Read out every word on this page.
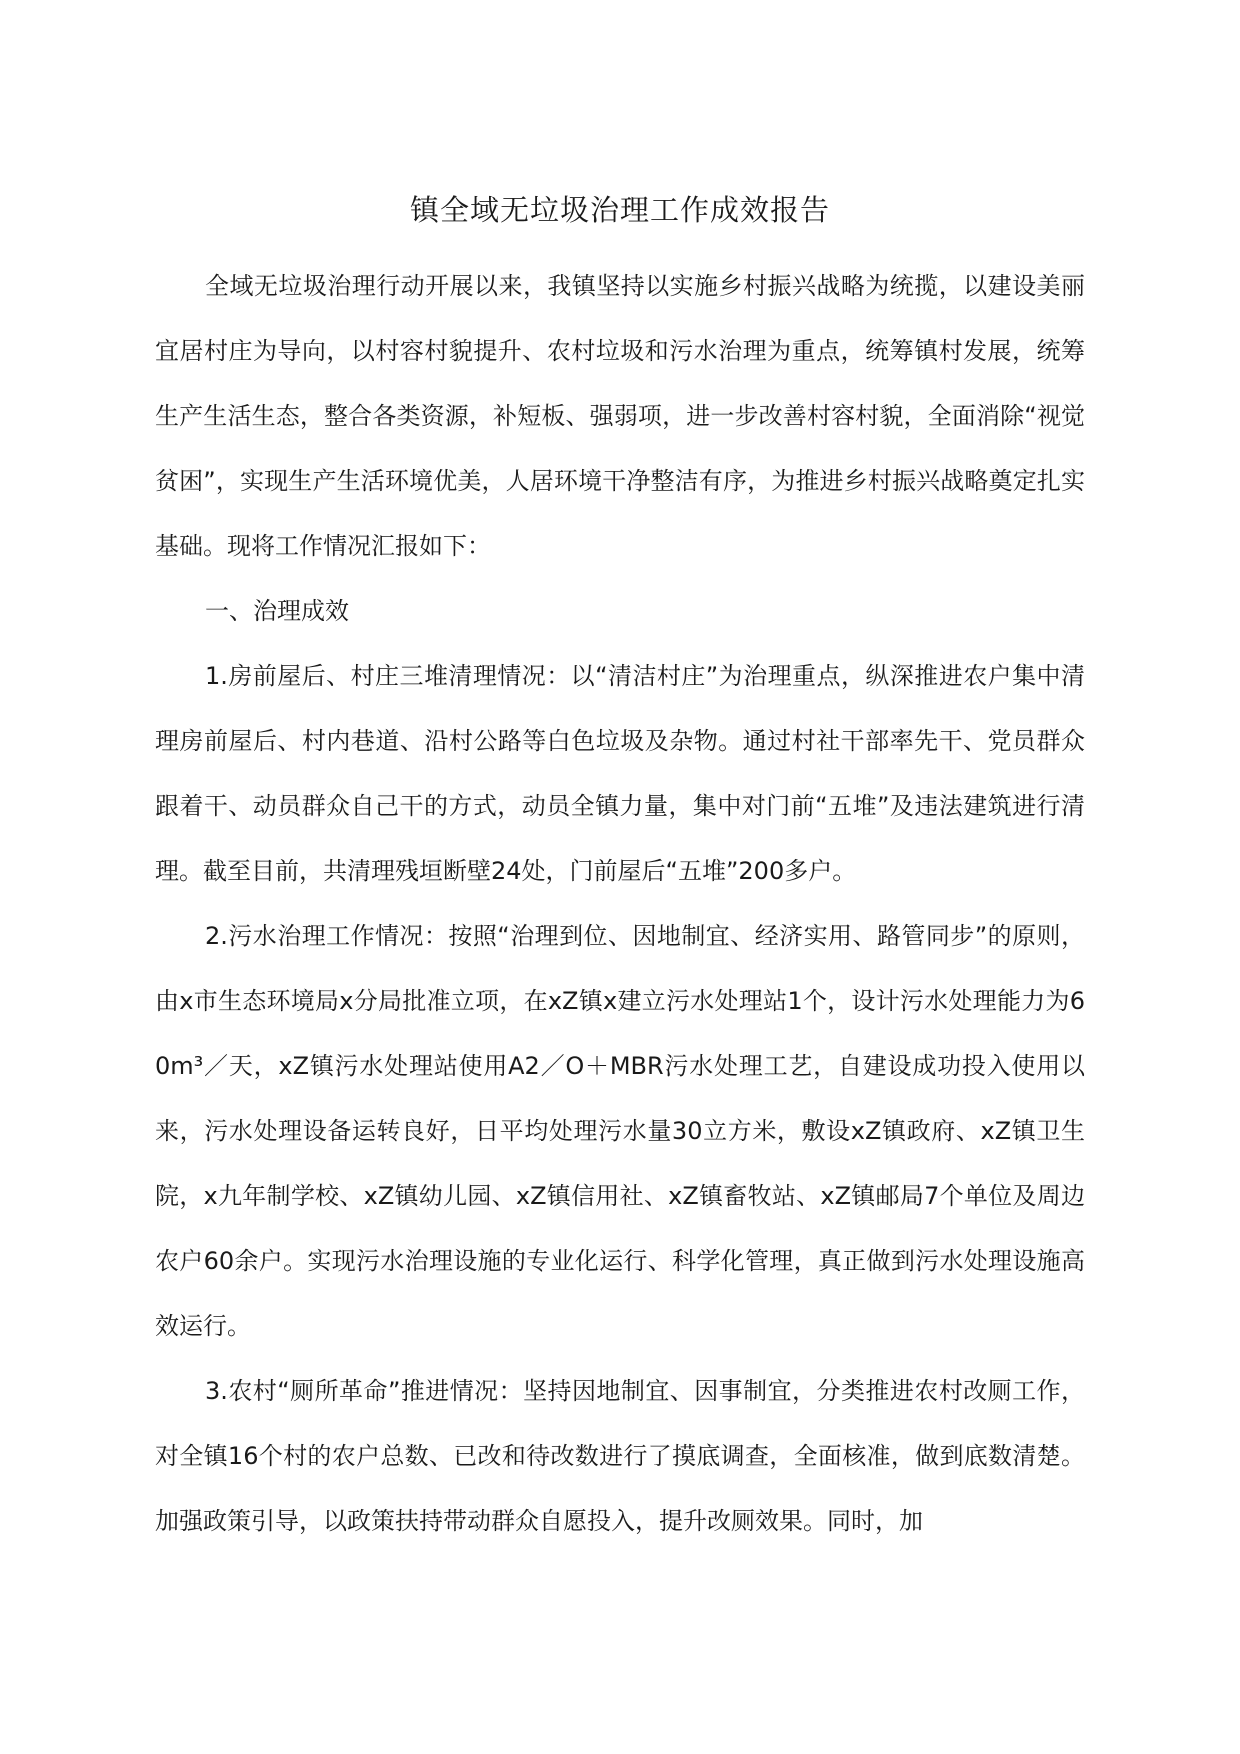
镇全域无垃圾治理工作成效报告

全域无垃圾治理行动开展以来，我镇坚持以实施乡村振兴战略为统揽，以建设美丽宜居村庄为导向，以村容村貌提升、农村垃圾和污水治理为重点，统筹镇村发展，统筹生产生活生态，整合各类资源，补短板、强弱项，进一步改善村容村貌，全面消除“视觉贫困”，实现生产生活环境优美，人居环境干净整洁有序，为推进乡村振兴战略奠定扎实基础。现将工作情况汇报如下：

一、治理成效

1.房前屋后、村庄三堆清理情况：以“清洁村庄”为治理重点，纵深推进农户集中清理房前屋后、村内巷道、沿村公路等白色垃圾及杂物。通过村社干部率先干、党员群众跟着干、动员群众自己干的方式，动员全镇力量，集中对门前“五堆”及违法建筑进行清理。截至目前，共清理残垣断壁24处，门前屋后“五堆”200多户。

2.污水治理工作情况：按照“治理到位、因地制宜、经济实用、路管同步”的原则，由x市生态环境局x分局批准立项，在xZ镇x建立污水处理站1个，设计污水处理能力为60m³／天，xZ镇污水处理站使用A2／O＋MBR污水处理工艺，自建设成功投入使用以来，污水处理设备运转良好，日平均处理污水量30立方米，敷设xZ镇政府、xZ镇卫生院，x九年制学校、xZ镇幼儿园、xZ镇信用社、xZ镇畜牧站、xZ镇邮局7个单位及周边农户60余户。实现污水治理设施的专业化运行、科学化管理，真正做到污水处理设施高效运行。

3.农村“厕所革命”推进情况：坚持因地制宜、因事制宜，分类推进农村改厕工作，对全镇16个村的农户总数、已改和待改数进行了摸底调查，全面核准，做到底数清楚。加强政策引导，以政策扶持带动群众自愿投入，提升改厕效果。同时，加
